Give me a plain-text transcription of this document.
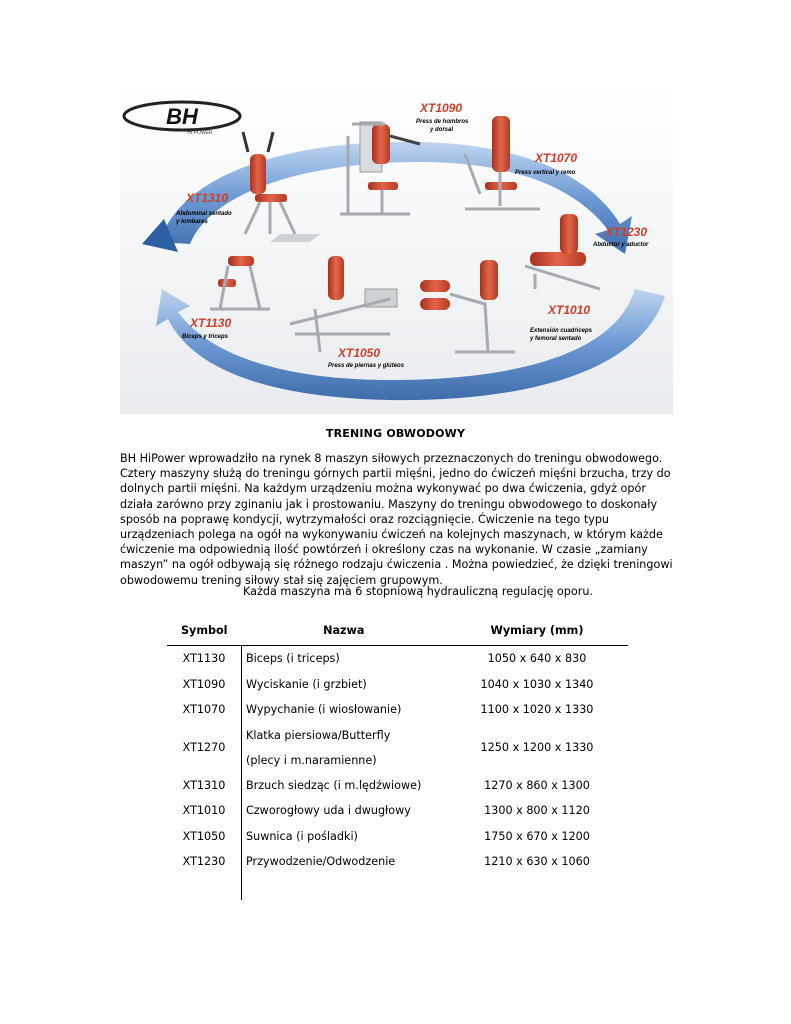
BH
HI POWER
XT1090
Press de hombros
y dorsal
XT1070
Press vertical y remo
XT1230
Abductor y aductor
XT1010
Extensión cuadriceps
y femoral sentado
XT1050
Press de piernas y glúteos
XT1130
Biceps y triceps
XT1310
Abdominal sentado
y lombares
TRENING OBWODOWY

BH HiPower wprowadziło na rynek 8 maszyn siłowych przeznaczonych do treningu obwodowego. Cztery maszyny służą do treningu górnych partii mięśni, jedno do ćwiczeń mięśni brzucha, trzy do dolnych partii mięśni. Na każdym urządzeniu można wykonywać po dwa ćwiczenia, gdyż opór działa zarówno przy zginaniu jak i prostowaniu. Maszyny do treningu obwodowego to doskonały sposób na poprawę kondycji, wytrzymałości oraz rozciągnięcie. Ćwiczenie na tego typu urządzeniach polega na ogół na wykonywaniu ćwiczeń na kolejnych maszynach, w którym każde ćwiczenie ma odpowiednią ilość powtórzeń i określony czas na wykonanie. W czasie „zamiany maszyn” na ogół odbywają się różnego rodzaju ćwiczenia . Można powiedzieć, że dzięki treningowi obwodowemu trening siłowy stał się zajęciem grupowym.

Każda maszyna ma 6 stopniową hydrauliczną regulację oporu.
Symbol	Nazwa	Wymiary (mm)
XT1130	Biceps (i triceps)	1050 x 640 x 830
XT1090	Wyciskanie (i grzbiet)	1040 x 1030 x 1340
XT1070	Wypychanie (i wiosłowanie)	1100 x 1020 x 1330
XT1270	Klatka piersiowa/Butterfly
(plecy i m.naramienne)	1250 x 1200 x 1330
XT1310	Brzuch siedząc (i m.lędźwiowe)	1270 x 860 x 1300
XT1010	Czworogłowy uda i dwugłowy	1300 x 800 x 1120
XT1050	Suwnica (i pośladki)	1750 x 670 x 1200
XT1230	Przywodzenie/Odwodzenie	1210 x 630 x 1060
